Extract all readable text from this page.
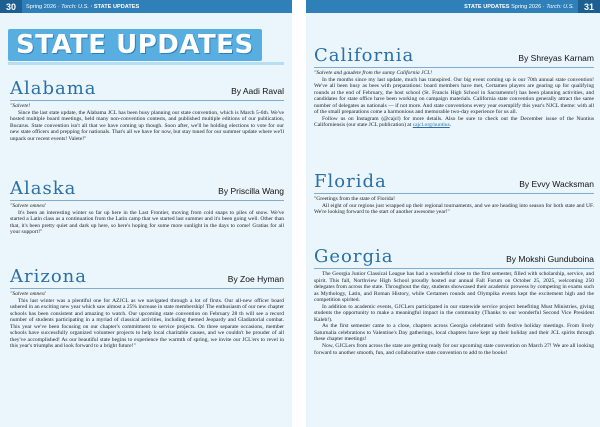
30	Spring 2026 · Torch: U.S. · STATE UPDATES	STATE UPDATES Spring 2026 · Torch: U.S.	31
STATE UPDATES
Alabama	By Aadi Raval

"Salvete!

Since the last state update, the Alabama JCL has been busy planning our state convention, which is March 5-6th. We've hosted multiple board meetings, held many non-convention contests, and published multiple editions of our publication, Bucarus. State convention isn't all that we have coming up though. Soon after, we'll be holding elections to vote for our new state officers and prepping for nationals. That's all we have for now, but stay tuned for our summer update where we'll unpack our recent events! Valete!"

Alaska	By Priscilla Wang

"Salvete omnes!

It's been an interesting winter so far up here in the Last Frontier, moving from cold snaps to piles of snow. We've started a Latin class as a continuation from the Latin camp that we started last summer and it's been going well. Other than that, it's been pretty quiet and dark up here, so here's hoping for some more sunlight in the days to come! Gratias for all your support!"

Arizona	By Zoe Hyman

"Salvete omnes!

This last winter was a plentiful one for AZJCL as we navigated through a lot of firsts. Our all-new officer board ushered in an exciting new year which saw almost a 25% increase in state membership! The enthusiasm of our new chapter schools has been consistent and amazing to watch. Our upcoming state convention on February 28 th will see a record number of students participating in a myriad of classical activities, including themed Jeopardy and Gladiatorial combat. This year we've been focusing on our chapter's commitment to service projects. On three separate occasions, member schools have successfully organized volunteer projects to help local charitable causes, and we couldn't be prouder of all they've accomplished! As our beautiful state begins to experience the warmth of spring, we invite our JCL'ers to revel in this year's triumphs and look forward to a bright future!"

California	By Shreyas Karnam

"Salvete and gaudete from the sunny California JCL!

In the months since my last update, much has transpired. Our big event coming up is our 70th annual state convention! We've all been busy as bees with preparations: board members have met, Certamen players are gearing up for qualifying rounds at the end of February, the host school (St. Francis High School in Sacramento!) has been planning activities, and candidates for state office have been working on campaign materials. California state convention generally attract the same number of delegates as nationals — if not more. And state conventions every year exemplify this year's NJCL theme: with all of the small preparations come a harmonious and memorable two-day experience for us all.

Follow us on Instagram (@cajcl) for more details. Also be sure to check out the December issue of the Nuntius Californiensis (our state JCL publication) at cajcl.org/nuntius.

Florida	By Evvy Wacksman

"Greetings from the state of Florida!

All eight of our regions just wrapped up their regional tournaments, and we are heading into season for both state and UF. We're looking forward to the start of another awesome year!"

Georgia	By Mokshi Gunduboina

The Georgia Junior Classical League has had a wonderful close to the first semester, filled with scholarship, service, and spirit. This fall, Northview High School proudly hosted our annual Fall Forum on October 25, 2025, welcoming 250 delegates from across the state. Throughout the day, students showcased their academic prowess by competing in exams such as Mythology, Latin, and Roman History, while Certamen rounds and Olympika events kept the excitement high and the competition spirited.

In addition to academic events, GJCLers participated in our statewide service project benefiting Must Ministries, giving students the opportunity to make a meaningful impact in the community (Thanks to our wonderful Second Vice President Kaleb!).

As the first semester came to a close, chapters across Georgia celebrated with festive holiday meetings. From lively Saturnalia celebrations to Valentine's Day gatherings, local chapters have kept up their holiday and their JCL spirits through these chapter meetings!

Now, GJCLers from across the state are getting ready for our upcoming state convention on March 27! We are all looking forward to another smooth, fun, and collaborative state convention to add to the books!
